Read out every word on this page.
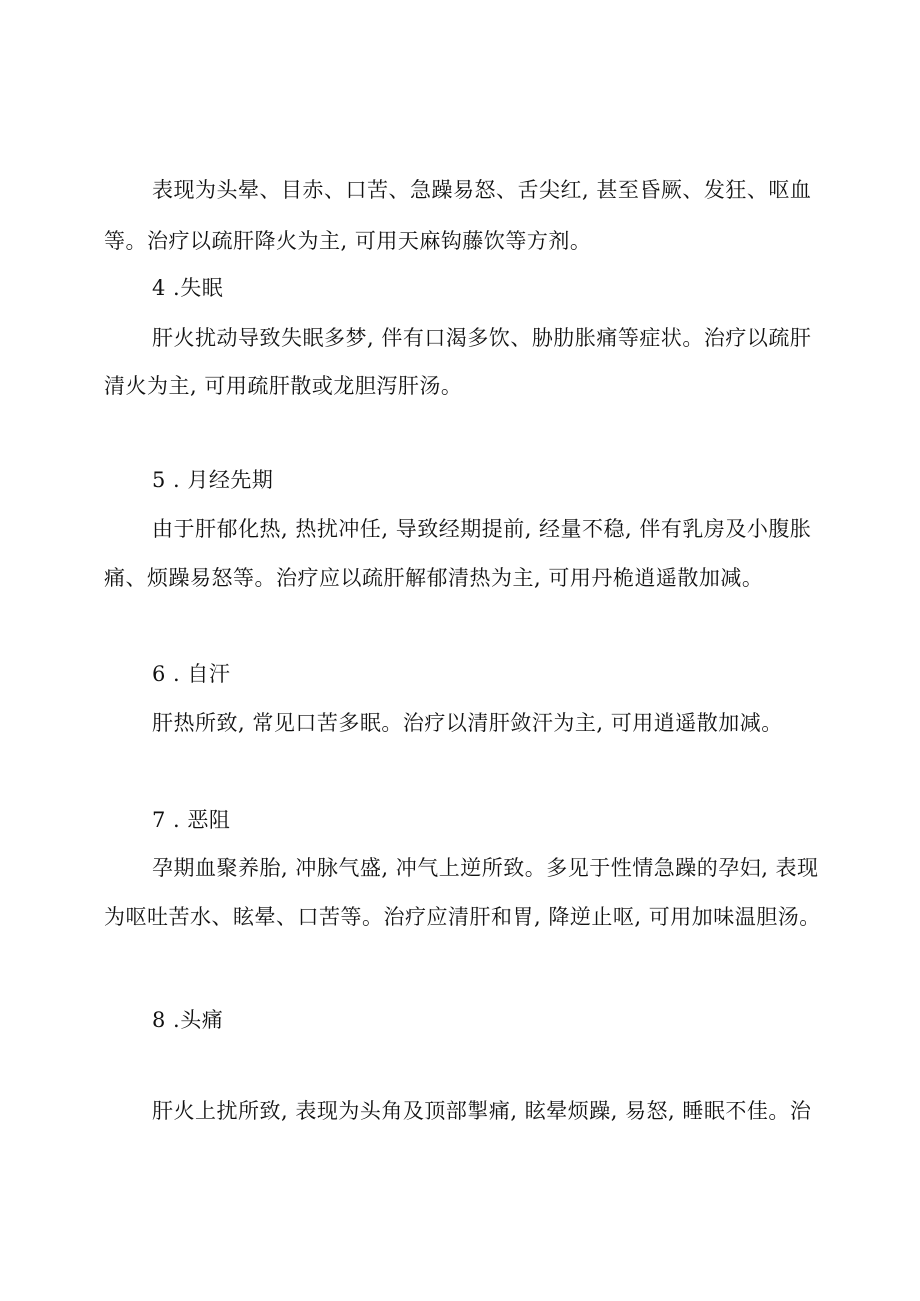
表现为头晕、目赤、口苦、急躁易怒、舌尖红, 甚至昏厥、发狂、呕血
等。治疗以疏肝降火为主, 可用天麻钩藤饮等方剂。
4 .失眠
肝火扰动导致失眠多梦, 伴有口渴多饮、胁肋胀痛等症状。治疗以疏肝
清火为主, 可用疏肝散或龙胆泻肝汤。
5 . 月经先期
由于肝郁化热, 热扰冲任, 导致经期提前, 经量不稳, 伴有乳房及小腹胀
痛、烦躁易怒等。治疗应以疏肝解郁清热为主, 可用丹桅逍遥散加减。
6 . 自汗
肝热所致, 常见口苦多眠。治疗以清肝敛汗为主, 可用逍遥散加减。
7 . 恶阻
孕期血聚养胎, 冲脉气盛, 冲气上逆所致。多见于性情急躁的孕妇, 表现
为呕吐苦水、眩晕、口苦等。治疗应清肝和胃, 降逆止呕, 可用加味温胆汤。
8 .头痛
肝火上扰所致, 表现为头角及顶部掣痛, 眩晕烦躁, 易怒, 睡眠不佳。治
